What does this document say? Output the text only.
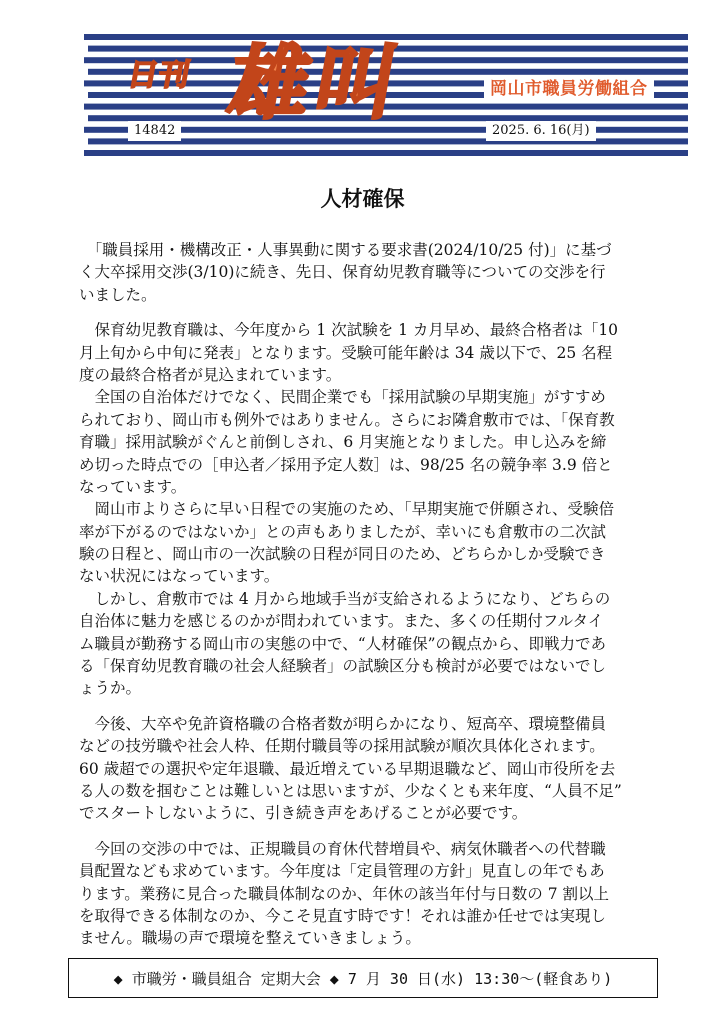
日刊 雄叫	岡山市職員労働組合
14842	2025. 6. 16(月)
人材確保

　「職員採用・機構改正・人事異動に関する要求書(2024/10/25 付)」に基づ
く大卒採用交渉(3/10)に続き、先日、保育幼児教育職等についての交渉を行
いました。

　保育幼児教育職は、今年度から 1 次試験を 1 カ月早め、最終合格者は「10
月上旬から中旬に発表」となります。受験可能年齢は 34 歳以下で、25 名程
度の最終合格者が見込まれています。
　全国の自治体だけでなく、民間企業でも「採用試験の早期実施」がすすめ
られており、岡山市も例外ではありません。さらにお隣倉敷市では、「保育教
育職」採用試験がぐんと前倒しされ、6 月実施となりました。申し込みを締
め切った時点での［申込者／採用予定人数］は、98/25 名の競争率 3.9 倍と
なっています。
　岡山市よりさらに早い日程での実施のため、「早期実施で併願され、受験倍
率が下がるのではないか」との声もありましたが、幸いにも倉敷市の二次試
験の日程と、岡山市の一次試験の日程が同日のため、どちらかしか受験でき
ない状況にはなっています。
　しかし、倉敷市では 4 月から地域手当が支給されるようになり、どちらの
自治体に魅力を感じるのかが問われています。また、多くの任期付フルタイ
ム職員が勤務する岡山市の実態の中で、“人材確保”の観点から、即戦力であ
る「保育幼児教育職の社会人経験者」の試験区分も検討が必要ではないでし
ょうか。

　今後、大卒や免許資格職の合格者数が明らかになり、短高卒、環境整備員
などの技労職や社会人枠、任期付職員等の採用試験が順次具体化されます。
60 歳超での選択や定年退職、最近増えている早期退職など、岡山市役所を去
る人の数を掴むことは難しいとは思いますが、少なくとも来年度、“人員不足”
でスタートしないように、引き続き声をあげることが必要です。

　今回の交渉の中では、正規職員の育休代替増員や、病気休職者への代替職
員配置なども求めています。今年度は「定員管理の方針」見直しの年でもあ
ります。業務に見合った職員体制なのか、年休の該当年付与日数の 7 割以上
を取得できる体制なのか、今こそ見直す時です！それは誰か任せでは実現し
ません。職場の声で環境を整えていきましょう。

◆ 市職労・職員組合 定期大会 ◆ 7 月 30 日(水) 13:30～(軽食あり)
